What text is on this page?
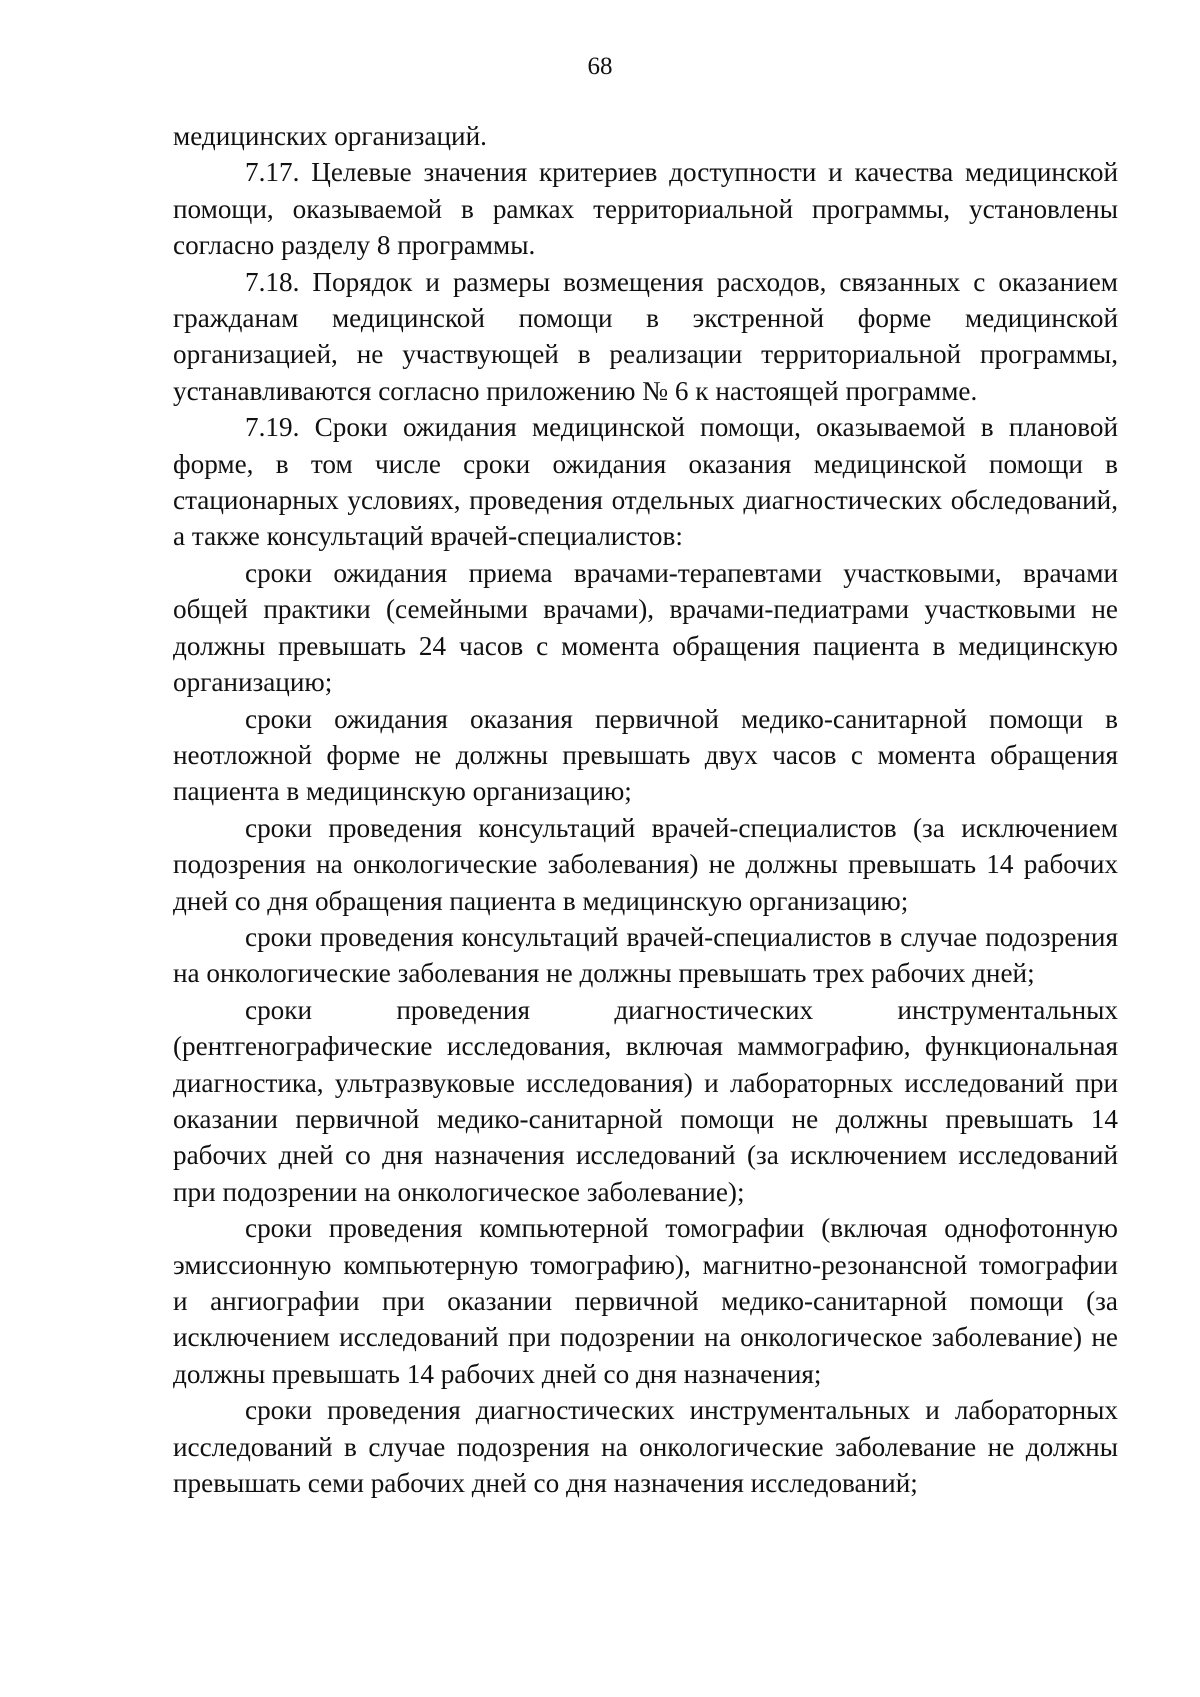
68

медицинских организаций.

7.17. Целевые значения критериев доступности и качества медицинской помощи, оказываемой в рамках территориальной программы, установлены согласно разделу 8 программы.

7.18. Порядок и размеры возмещения расходов, связанных с оказанием гражданам медицинской помощи в экстренной форме медицинской организацией, не участвующей в реализации территориальной программы, устанавливаются согласно приложению № 6 к настоящей программе.

7.19. Сроки ожидания медицинской помощи, оказываемой в плановой форме, в том числе сроки ожидания оказания медицинской помощи в стационарных условиях, проведения отдельных диагностических обследований, а также консультаций врачей-специалистов:

сроки ожидания приема врачами-терапевтами участковыми, врачами общей практики (семейными врачами), врачами-педиатрами участковыми не должны превышать 24 часов с момента обращения пациента в медицинскую организацию;

сроки ожидания оказания первичной медико-санитарной помощи в неотложной форме не должны превышать двух часов с момента обращения пациента в медицинскую организацию;

сроки проведения консультаций врачей-специалистов (за исключением подозрения на онкологические заболевания) не должны превышать 14 рабочих дней со дня обращения пациента в медицинскую организацию;

сроки проведения консультаций врачей-специалистов в случае подозрения на онкологические заболевания не должны превышать трех рабочих дней;

сроки проведения диагностических инструментальных (рентгенографические исследования, включая маммографию, функциональная диагностика, ультразвуковые исследования) и лабораторных исследований при оказании первичной медико-санитарной помощи не должны превышать 14 рабочих дней со дня назначения исследований (за исключением исследований при подозрении на онкологическое заболевание);

сроки проведения компьютерной томографии (включая однофотонную эмиссионную компьютерную томографию), магнитно-резонансной томографии и ангиографии при оказании первичной медико-санитарной помощи (за исключением исследований при подозрении на онкологическое заболевание) не должны превышать 14 рабочих дней со дня назначения;

сроки проведения диагностических инструментальных и лабораторных исследований в случае подозрения на онкологические заболевание не должны превышать семи рабочих дней со дня назначения исследований;
